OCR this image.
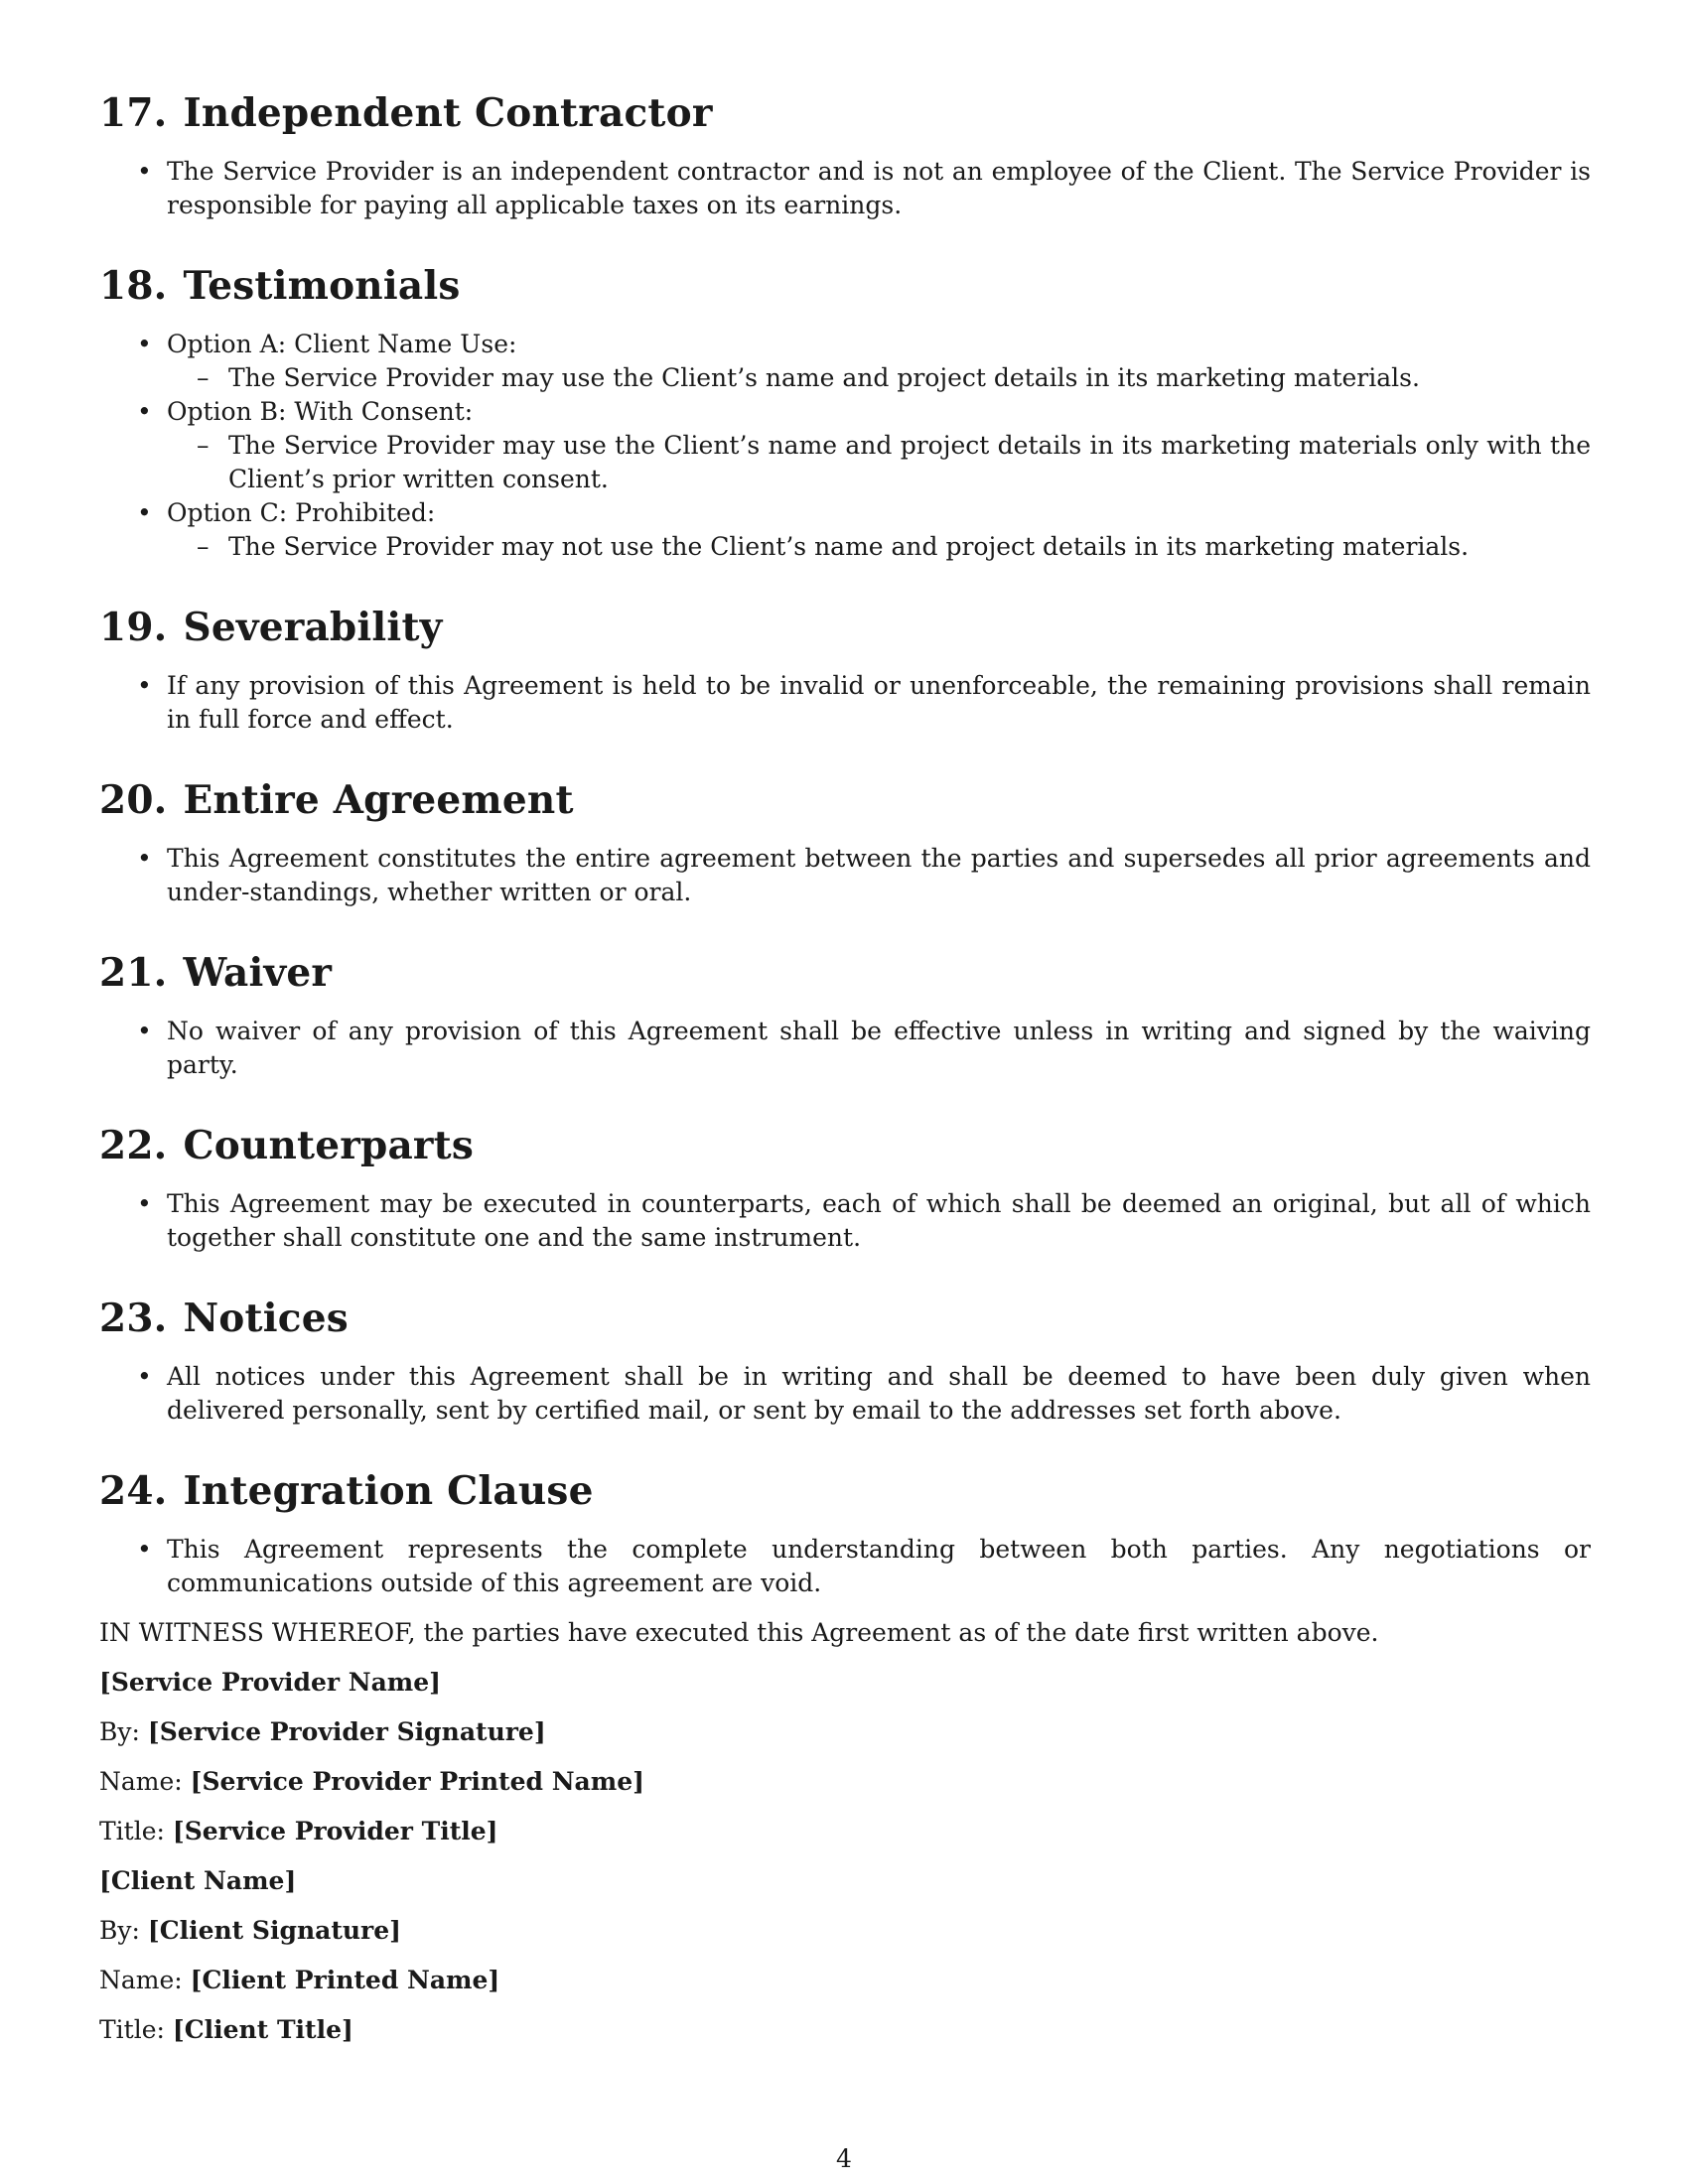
17. Independent Contractor
• The Service Provider is an independent contractor and is not an employee of the Client. The Service Provider is responsible for paying all applicable taxes on its earnings.
18. Testimonials
• Option A: Client Name Use:
– The Service Provider may use the Client’s name and project details in its marketing materials.
• Option B: With Consent:
– The Service Provider may use the Client’s name and project details in its marketing materials only with the Client’s prior written consent.
• Option C: Prohibited:
– The Service Provider may not use the Client’s name and project details in its marketing materials.
19. Severability
• If any provision of this Agreement is held to be invalid or unenforceable, the remaining provisions shall remain in full force and effect.
20. Entire Agreement
• This Agreement constitutes the entire agreement between the parties and supersedes all prior agreements and under-standings, whether written or oral.
21. Waiver
• No waiver of any provision of this Agreement shall be effective unless in writing and signed by the waiving party.
22. Counterparts
• This Agreement may be executed in counterparts, each of which shall be deemed an original, but all of which together shall constitute one and the same instrument.
23. Notices
• All notices under this Agreement shall be in writing and shall be deemed to have been duly given when delivered personally, sent by certified mail, or sent by email to the addresses set forth above.
24. Integration Clause
• This Agreement represents the complete understanding between both parties. Any negotiations or communications outside of this agreement are void.

IN WITNESS WHEREOF, the parties have executed this Agreement as of the date first written above.

[Service Provider Name]

By: [Service Provider Signature]

Name: [Service Provider Printed Name]

Title: [Service Provider Title]

[Client Name]

By: [Client Signature]

Name: [Client Printed Name]

Title: [Client Title]

4
